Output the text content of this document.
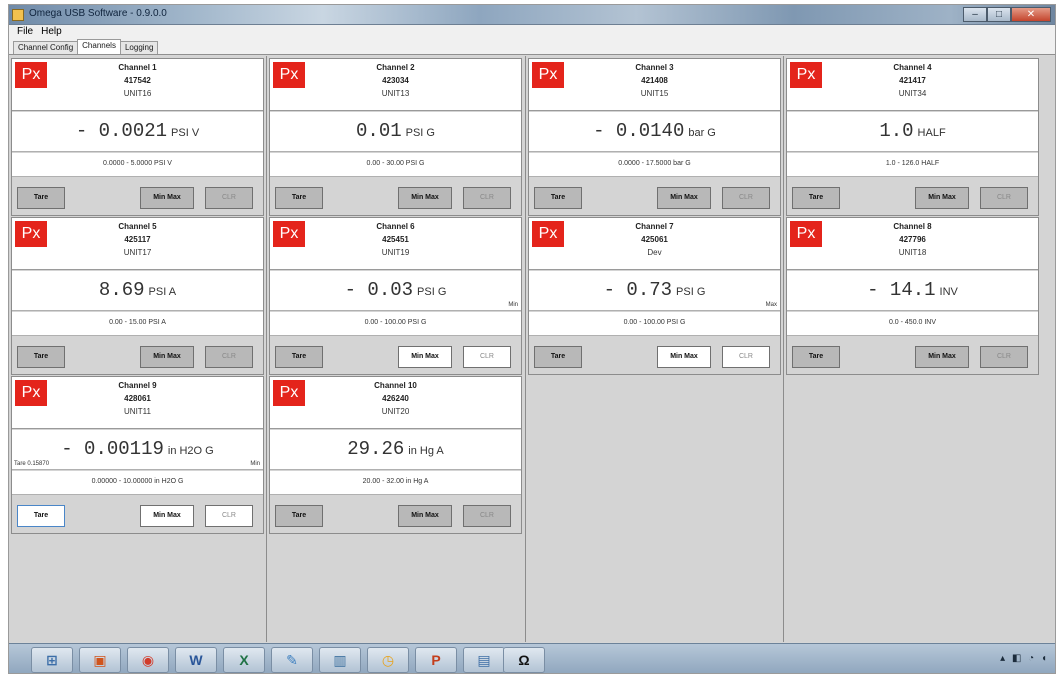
Omega USB Software - 0.9.0.0	–	□	✕
File Help
Channel Config	Channels	Logging
Px	Channel 1
417542
UNIT16
- 0.0021 PSI V
0.0000 - 5.0000 PSI V
Tare	Min Max	CLR
Px	Channel 2
423034
UNIT13
0.01 PSI G
0.00 - 30.00 PSI G
Tare	Min Max	CLR
Px	Channel 3
421408
UNIT15
- 0.0140 bar G
0.0000 - 17.5000 bar G
Tare	Min Max	CLR
Px	Channel 4
421417
UNIT34
1.0 HALF
1.0 - 126.0 HALF
Tare	Min Max	CLR
Px	Channel 5
425117
UNIT17
8.69 PSI A
0.00 - 15.00 PSI A
Tare	Min Max	CLR
Px	Channel 6
425451
UNIT19
- 0.03 PSI G
Min
0.00 - 100.00 PSI G
Tare	Min Max	CLR
Px	Channel 7
425061
Dev
- 0.73 PSI G
Max
0.00 - 100.00 PSI G
Tare	Min Max	CLR
Px	Channel 8
427796
UNIT18
- 14.1 INV
0.0 - 450.0 INV
Tare	Min Max	CLR
Px	Channel 9
428061
UNIT11
- 0.00119 in H2O G
Tare 0.15870	Min
0.00000 - 10.00000 in H2O G
Tare	Min Max	CLR
Px	Channel 10
426240
UNIT20
29.26 in Hg A
20.00 - 32.00 in Hg A
Tare	Min Max	CLR
▴ ◧ ◔ ◖
⊞	▣	◉	W	X	✎	▥	◷	P	▤ Ω
